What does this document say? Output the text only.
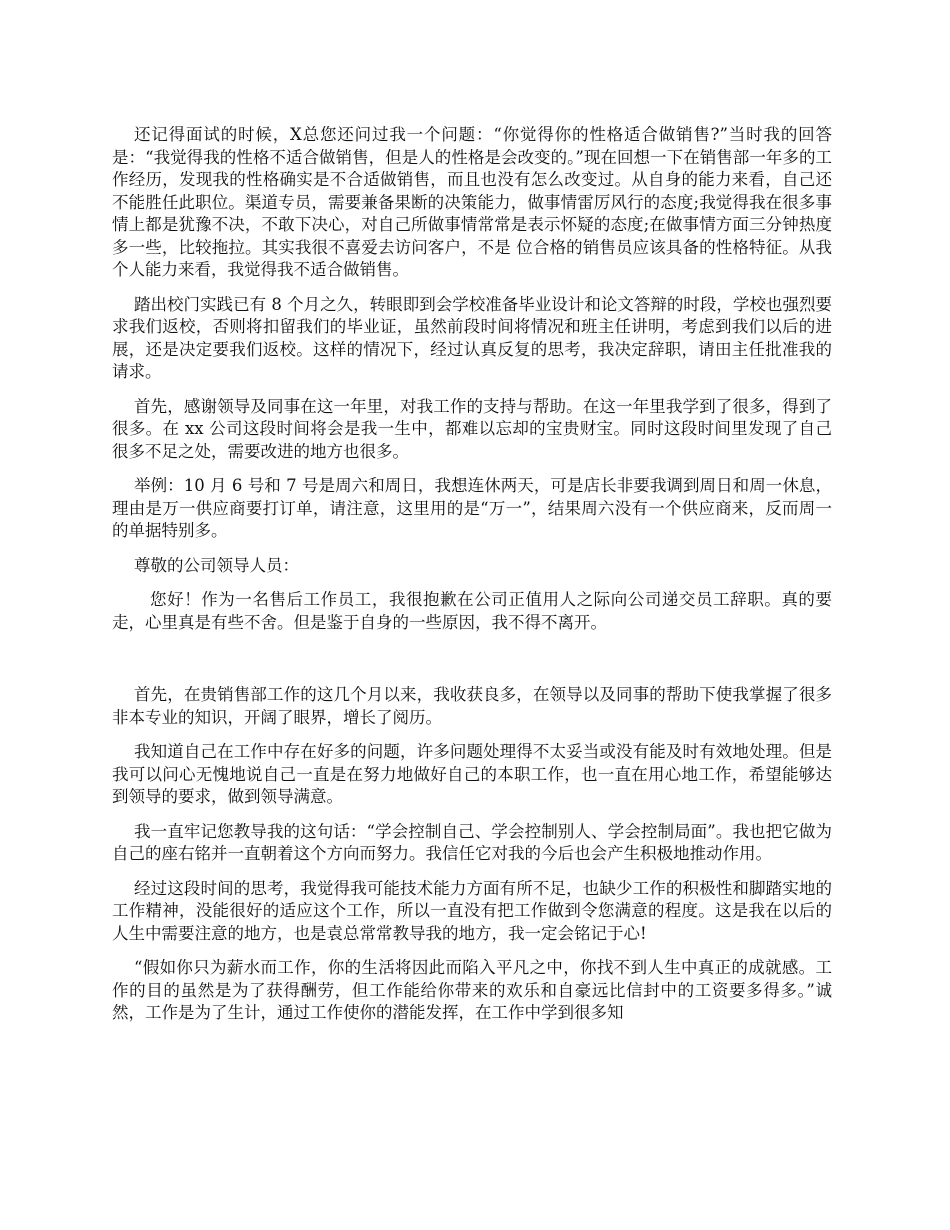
还记得面试的时候，X总您还问过我一个问题：“你觉得你的性格适合做销售?”当时我的回答是：“我觉得我的性格不适合做销售，但是人的性格是会改变的。”现在回想一下在销售部一年多的工作经历，发现我的性格确实是不合适做销售，而且也没有怎么改变过。从自身的能力来看，自己还不能胜任此职位。渠道专员，需要兼备果断的决策能力，做事情雷厉风行的态度;我觉得我在很多事情上都是犹豫不决，不敢下决心，对自己所做事情常常是表示怀疑的态度;在做事情方面三分钟热度多一些，比较拖拉。其实我很不喜爱去访问客户，不是 位合格的销售员应该具备的性格特征。从我个人能力来看，我觉得我不适合做销售。

踏出校门实践已有 8 个月之久，转眼即到会学校准备毕业设计和论文答辩的时段，学校也强烈要求我们返校，否则将扣留我们的毕业证，虽然前段时间将情况和班主任讲明，考虑到我们以后的进展，还是决定要我们返校。这样的情况下，经过认真反复的思考，我决定辞职，请田主任批准我的请求。

首先，感谢领导及同事在这一年里，对我工作的支持与帮助。在这一年里我学到了很多，得到了很多。在 xx 公司这段时间将会是我一生中，都难以忘却的宝贵财宝。同时这段时间里发现了自己很多不足之处，需要改进的地方也很多。

举例：10 月 6 号和 7 号是周六和周日，我想连休两天，可是店长非要我调到周日和周一休息，理由是万一供应商要打订单，请注意，这里用的是“万一”，结果周六没有一个供应商来，反而周一的单据特别多。

尊敬的公司领导人员：

您好！作为一名售后工作员工，我很抱歉在公司正值用人之际向公司递交员工辞职。真的要走，心里真是有些不舍。但是鉴于自身的一些原因，我不得不离开。

首先，在贵销售部工作的这几个月以来，我收获良多，在领导以及同事的帮助下使我掌握了很多非本专业的知识，开阔了眼界，增长了阅历。

我知道自己在工作中存在好多的问题，许多问题处理得不太妥当或没有能及时有效地处理。但是我可以问心无愧地说自己一直是在努力地做好自己的本职工作，也一直在用心地工作，希望能够达到领导的要求，做到领导满意。

我一直牢记您教导我的这句话：“学会控制自己、学会控制别人、学会控制局面”。我也把它做为自己的座右铭并一直朝着这个方向而努力。我信任它对我的今后也会产生积极地推动作用。

经过这段时间的思考，我觉得我可能技术能力方面有所不足，也缺少工作的积极性和脚踏实地的工作精神，没能很好的适应这个工作，所以一直没有把工作做到令您满意的程度。这是我在以后的人生中需要注意的地方，也是袁总常常教导我的地方，我一定会铭记于心!

“假如你只为薪水而工作，你的生活将因此而陷入平凡之中，你找不到人生中真正的成就感。工作的目的虽然是为了获得酬劳，但工作能给你带来的欢乐和自豪远比信封中的工资要多得多。”诚然，工作是为了生计，通过工作使你的潜能发挥，在工作中学到很多知
